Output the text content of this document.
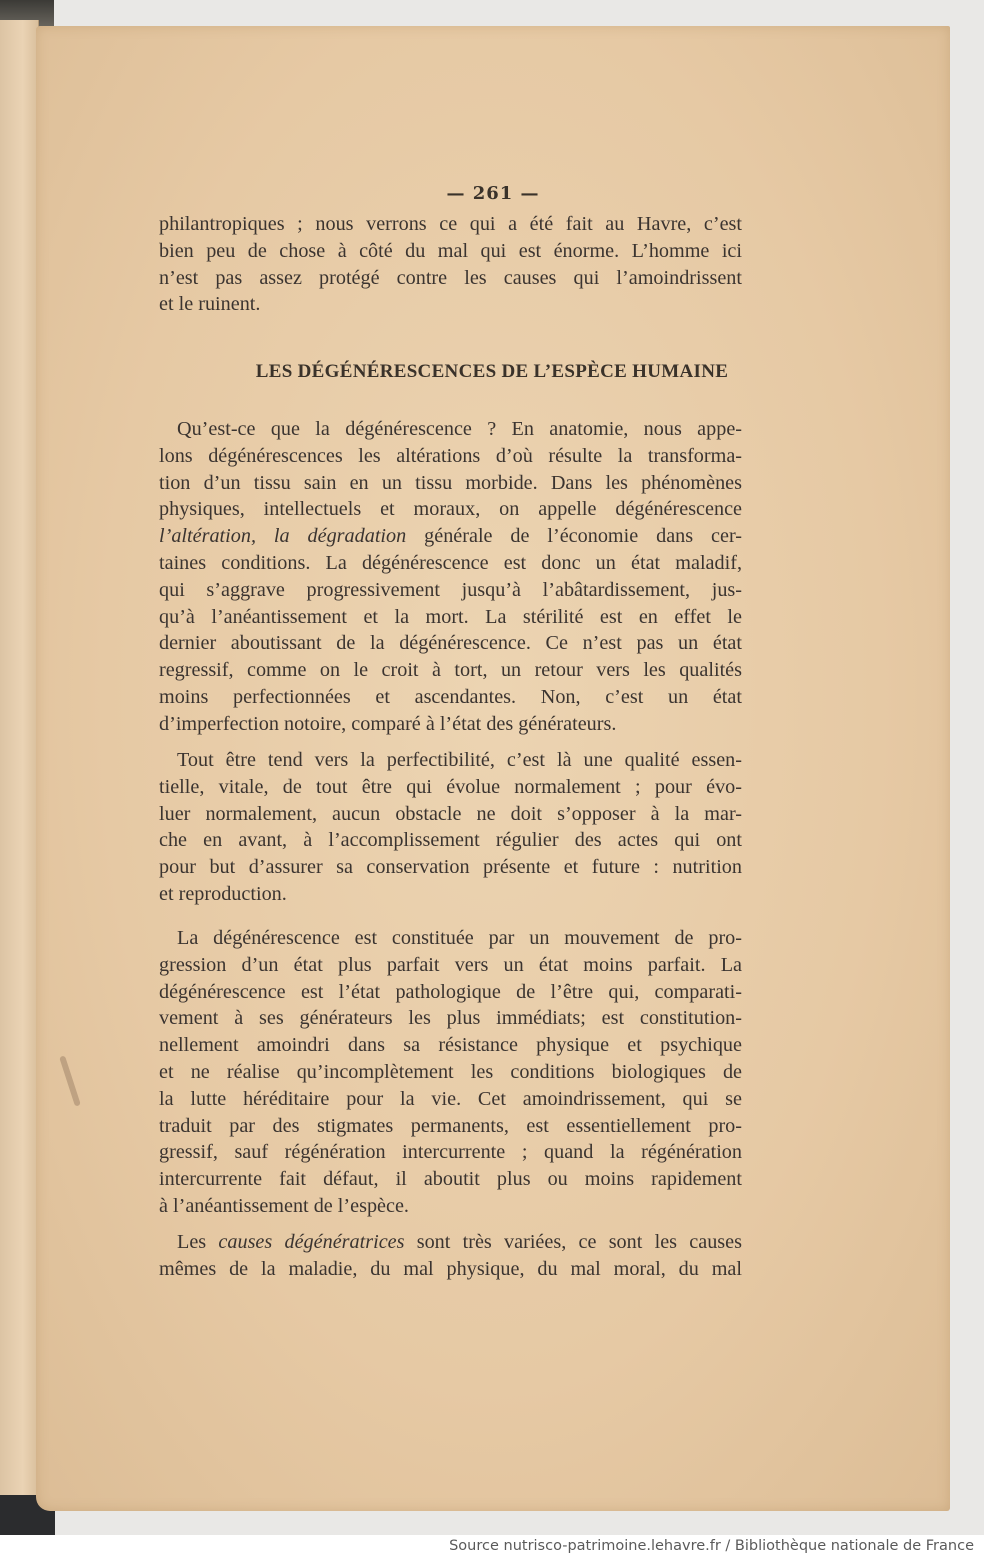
— 261 —
LES DÉGÉNÉRESCENCES DE L’ESPÈCE HUMAINE
philantropiques ; nous verrons ce qui a été fait au Havre, c’est
bien peu de chose à côté du mal qui est énorme. L’homme ici
n’est pas assez protégé contre les causes qui l’amoindrissent
et le ruinent.
Qu’est-ce que la dégénérescence ? En anatomie, nous appe-
lons dégénérescences les altérations d’où résulte la transforma-
tion d’un tissu sain en un tissu morbide. Dans les phénomènes
physiques, intellectuels et moraux, on appelle dégénérescence
l’altération, la dégradation générale de l’économie dans cer-
taines conditions. La dégénérescence est donc un état maladif,
qui s’aggrave progressivement jusqu’à l’abâtardissement, jus-
qu’à l’anéantissement et la mort. La stérilité est en effet le
dernier aboutissant de la dégénérescence. Ce n’est pas un état
regressif, comme on le croit à tort, un retour vers les qualités
moins perfectionnées et ascendantes. Non, c’est un état
d’imperfection notoire, comparé à l’état des générateurs.
Tout être tend vers la perfectibilité, c’est là une qualité essen-
tielle, vitale, de tout être qui évolue normalement ; pour évo-
luer normalement, aucun obstacle ne doit s’opposer à la mar-
che en avant, à l’accomplissement régulier des actes qui ont
pour but d’assurer sa conservation présente et future : nutrition
et reproduction.
La dégénérescence est constituée par un mouvement de pro-
gression d’un état plus parfait vers un état moins parfait. La
dégénérescence est l’état pathologique de l’être qui, comparati-
vement à ses générateurs les plus immédiats; est constitution-
nellement amoindri dans sa résistance physique et psychique
et ne réalise qu’incomplètement les conditions biologiques de
la lutte héréditaire pour la vie. Cet amoindrissement, qui se
traduit par des stigmates permanents, est essentiellement pro-
gressif, sauf régénération intercurrente ; quand la régénération
intercurrente fait défaut, il aboutit plus ou moins rapidement
à l’anéantissement de l’espèce.
Les causes dégénératrices sont très variées, ce sont les causes
mêmes de la maladie, du mal physique, du mal moral, du mal
Source nutrisco-patrimoine.lehavre.fr / Bibliothèque nationale de France
